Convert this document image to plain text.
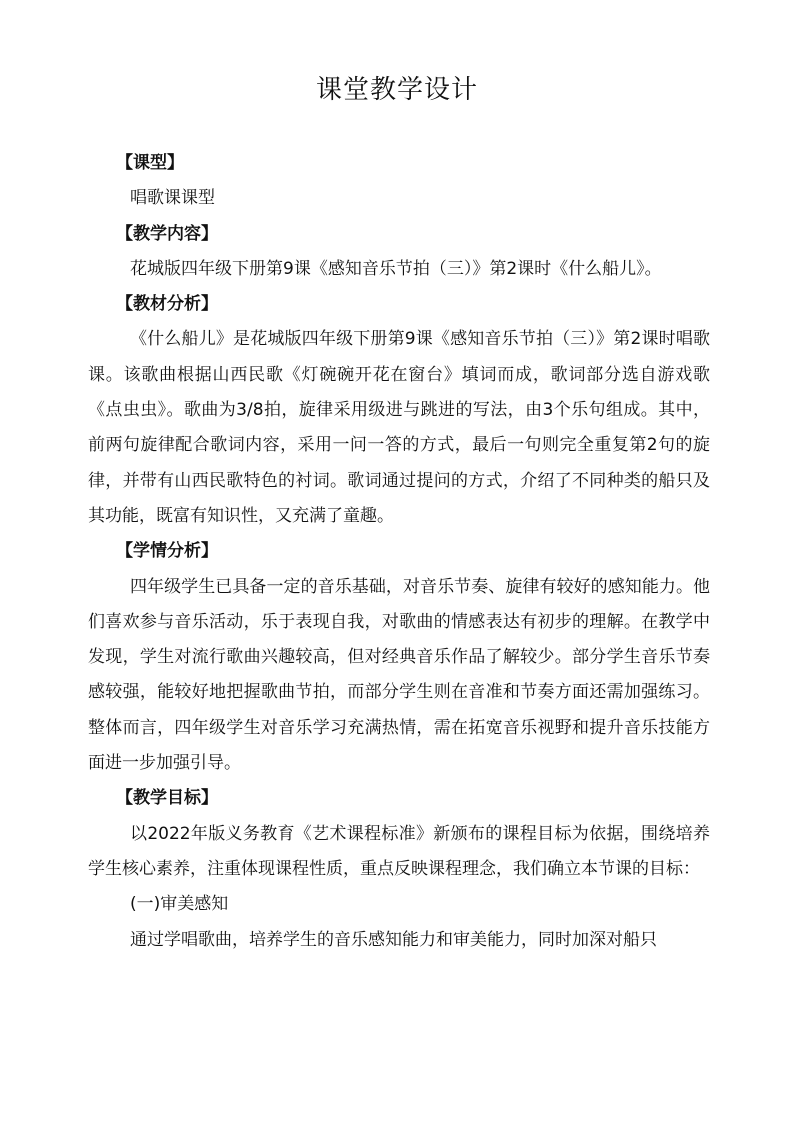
课堂教学设计
【课型】

唱歌课课型

【教学内容】

花城版四年级下册第9课《感知音乐节拍（三）》第2课时《什么船儿》。

【教材分析】

《什么船儿》是花城版四年级下册第9课《感知音乐节拍（三）》第2课时唱歌课。该歌曲根据山西民歌《灯碗碗开花在窗台》填词而成，歌词部分选自游戏歌《点虫虫》。歌曲为3/8拍，旋律采用级进与跳进的写法，由3个乐句组成。其中，前两句旋律配合歌词内容，采用一问一答的方式，最后一句则完全重复第2句的旋律，并带有山西民歌特色的衬词。歌词通过提问的方式，介绍了不同种类的船只及其功能，既富有知识性，又充满了童趣。

【学情分析】

四年级学生已具备一定的音乐基础，对音乐节奏、旋律有较好的感知能力。他们喜欢参与音乐活动，乐于表现自我，对歌曲的情感表达有初步的理解。在教学中发现，学生对流行歌曲兴趣较高，但对经典音乐作品了解较少。部分学生音乐节奏感较强，能较好地把握歌曲节拍，而部分学生则在音准和节奏方面还需加强练习。整体而言，四年级学生对音乐学习充满热情，需在拓宽音乐视野和提升音乐技能方面进一步加强引导。

【教学目标】

以2022年版义务教育《艺术课程标准》新颁布的课程目标为依据，围绕培养学生核心素养，注重体现课程性质，重点反映课程理念，我们确立本节课的目标：

(一)审美感知

通过学唱歌曲，培养学生的音乐感知能力和审美能力，同时加深对船只
